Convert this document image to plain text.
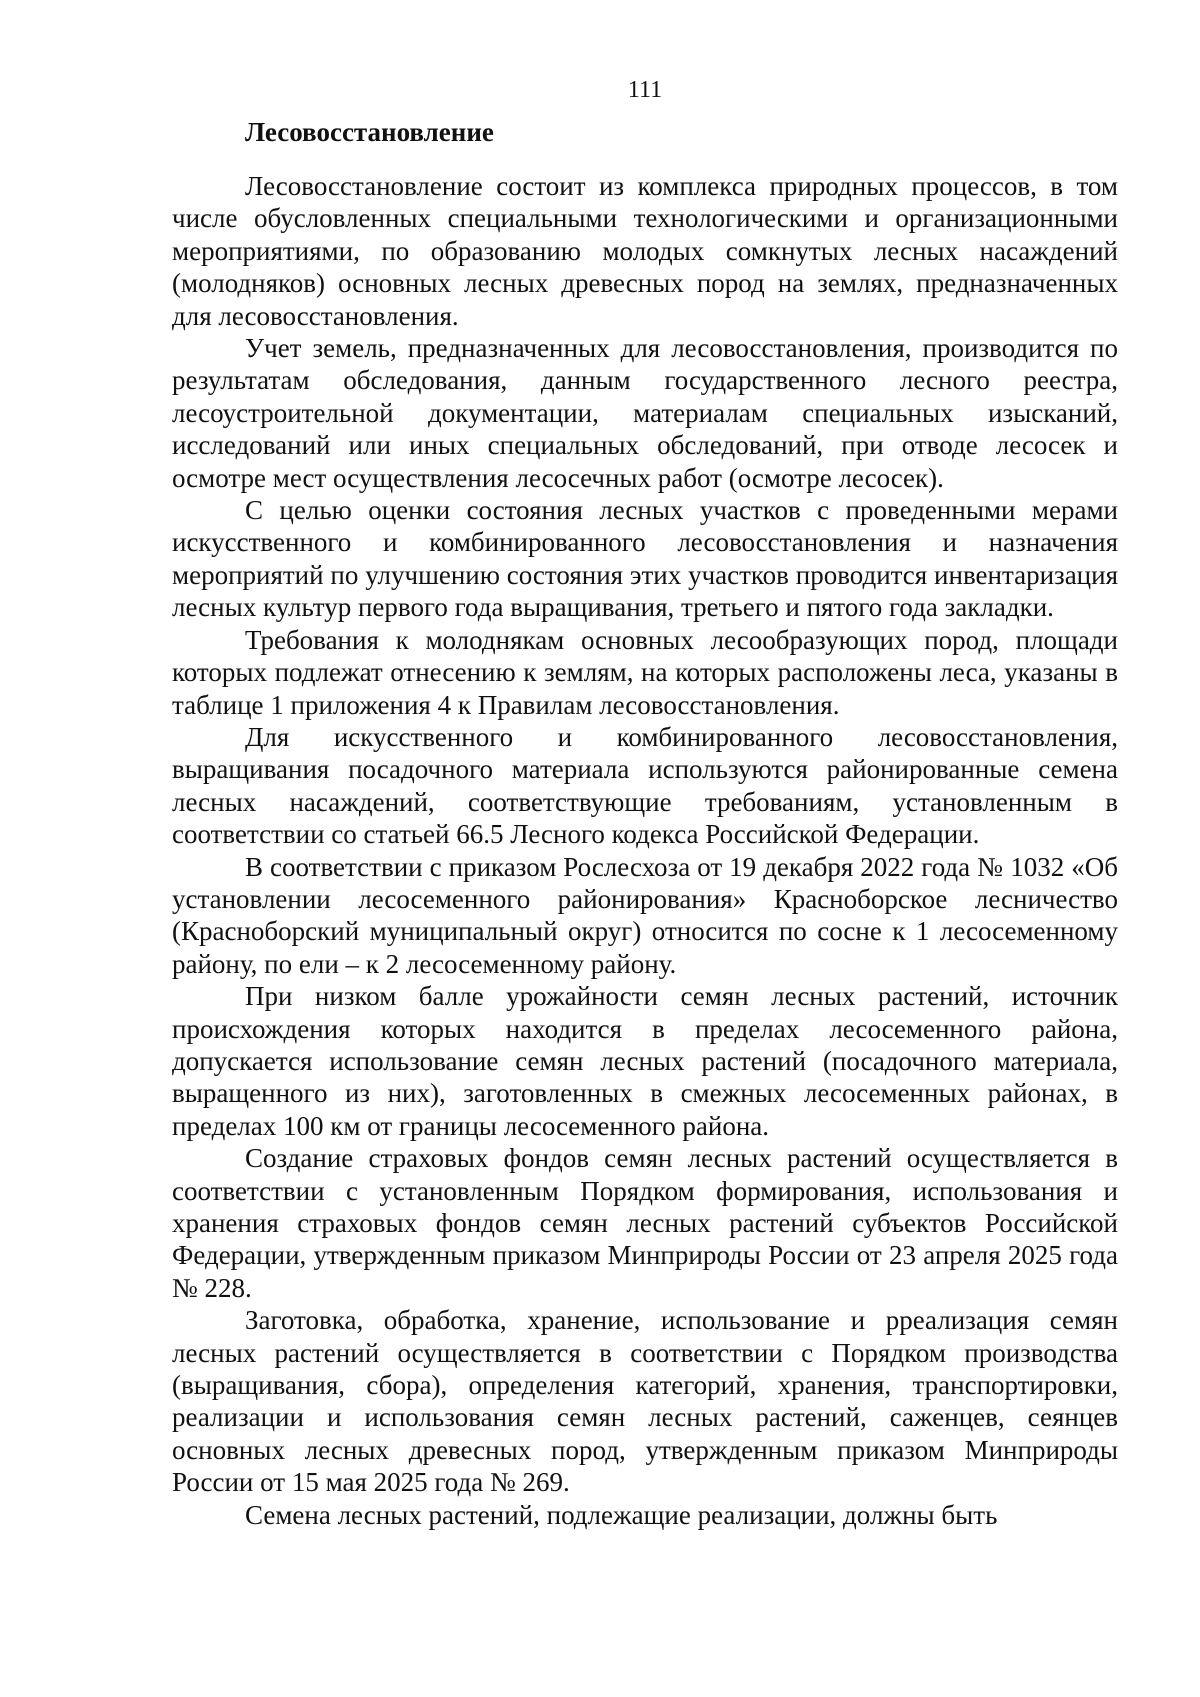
111
Лесовосстановление

Лесовосстановление состоит из комплекса природных процессов, в том числе обусловленных специальными технологическими и организационными мероприятиями, по образованию молодых сомкнутых лесных насаждений (молодняков) основных лесных древесных пород на землях, предназначенных для лесовосстановления.

Учет земель, предназначенных для лесовосстановления, производится по результатам обследования, данным государственного лесного реестра, лесоустроительной документации, материалам специальных изысканий, исследований или иных специальных обследований, при отводе лесосек и осмотре мест осуществления лесосечных работ (осмотре лесосек).

С целью оценки состояния лесных участков с проведенными мерами искусственного и комбинированного лесовосстановления и назначения мероприятий по улучшению состояния этих участков проводится инвентаризация лесных культур первого года выращивания, третьего и пятого года закладки.

Требования к молоднякам основных лесообразующих пород, площади которых подлежат отнесению к землям, на которых расположены леса, указаны в таблице 1 приложения 4 к Правилам лесовосстановления.

Для искусственного и комбинированного лесовосстановления, выращивания посадочного материала используются районированные семена лесных насаждений, соответствующие требованиям, установленным в соответствии со статьей 66.5 Лесного кодекса Российской Федерации.

В соответствии с приказом Рослесхоза от 19 декабря 2022 года № 1032 «Об установлении лесосеменного районирования» Красноборское лесничество (Красноборский муниципальный округ) относится по сосне к 1 лесосеменному району, по ели – к 2 лесосеменному району.

При низком балле урожайности семян лесных растений, источник происхождения которых находится в пределах лесосеменного района, допускается использование семян лесных растений (посадочного материала, выращенного из них), заготовленных в смежных лесосеменных районах, в пределах 100 км от границы лесосеменного района.

Создание страховых фондов семян лесных растений осуществляется в соответствии с установленным Порядком формирования, использования и хранения страховых фондов семян лесных растений субъектов Российской Федерации, утвержденным приказом Минприроды России от 23 апреля 2025 года № 228.

Заготовка, обработка, хранение, использование и рреализация семян лесных растений осуществляется в соответствии с Порядком производства (выращивания, сбора), определения категорий, хранения, транспортировки, реализации и использования семян лесных растений, саженцев, сеянцев основных лесных древесных пород, утвержденным приказом Минприроды России от 15 мая 2025 года № 269.

Семена лесных растений, подлежащие реализации, должны быть
